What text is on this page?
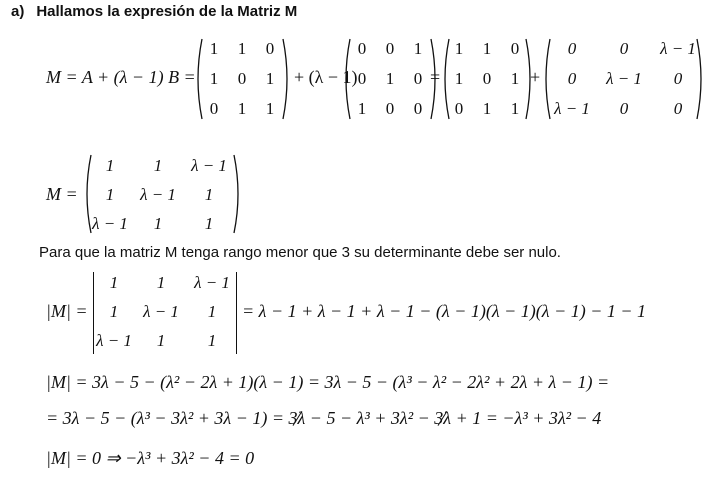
a) Hallamos la expresión de la Matriz M
M = A + (λ − 1) B =
1	1	0
1	0	1
0	1	1
+ (λ − 1)
0	0	1
0	1	0
1	0	0
=
1	1	0
1	0	1
0	1	1
+
0	0	λ − 1
0	λ − 1	0
λ − 1	0	0
M =
1	1	λ − 1
1	λ − 1	1
λ − 1	1	1
Para que la matriz M tenga rango menor que 3 su determinante debe ser nulo.
|M| =
1	1	λ − 1
1	λ − 1	1
λ − 1	1	1
= λ − 1 + λ − 1 + λ − 1 − (λ − 1)(λ − 1)(λ − 1) − 1 − 1
|M| = 3λ − 5 − (λ² − 2λ + 1)(λ − 1) = 3λ − 5 − (λ³ − λ² − 2λ² + 2λ + λ − 1) =
= 3λ − 5 − (λ³ − 3λ² + 3λ − 1) = 3λ
− 5 − λ³ + 3λ² − 3λ
+ 1 = −λ³ + 3λ² − 4
|M| = 0 ⇒ −λ³ + 3λ² − 4 = 0
